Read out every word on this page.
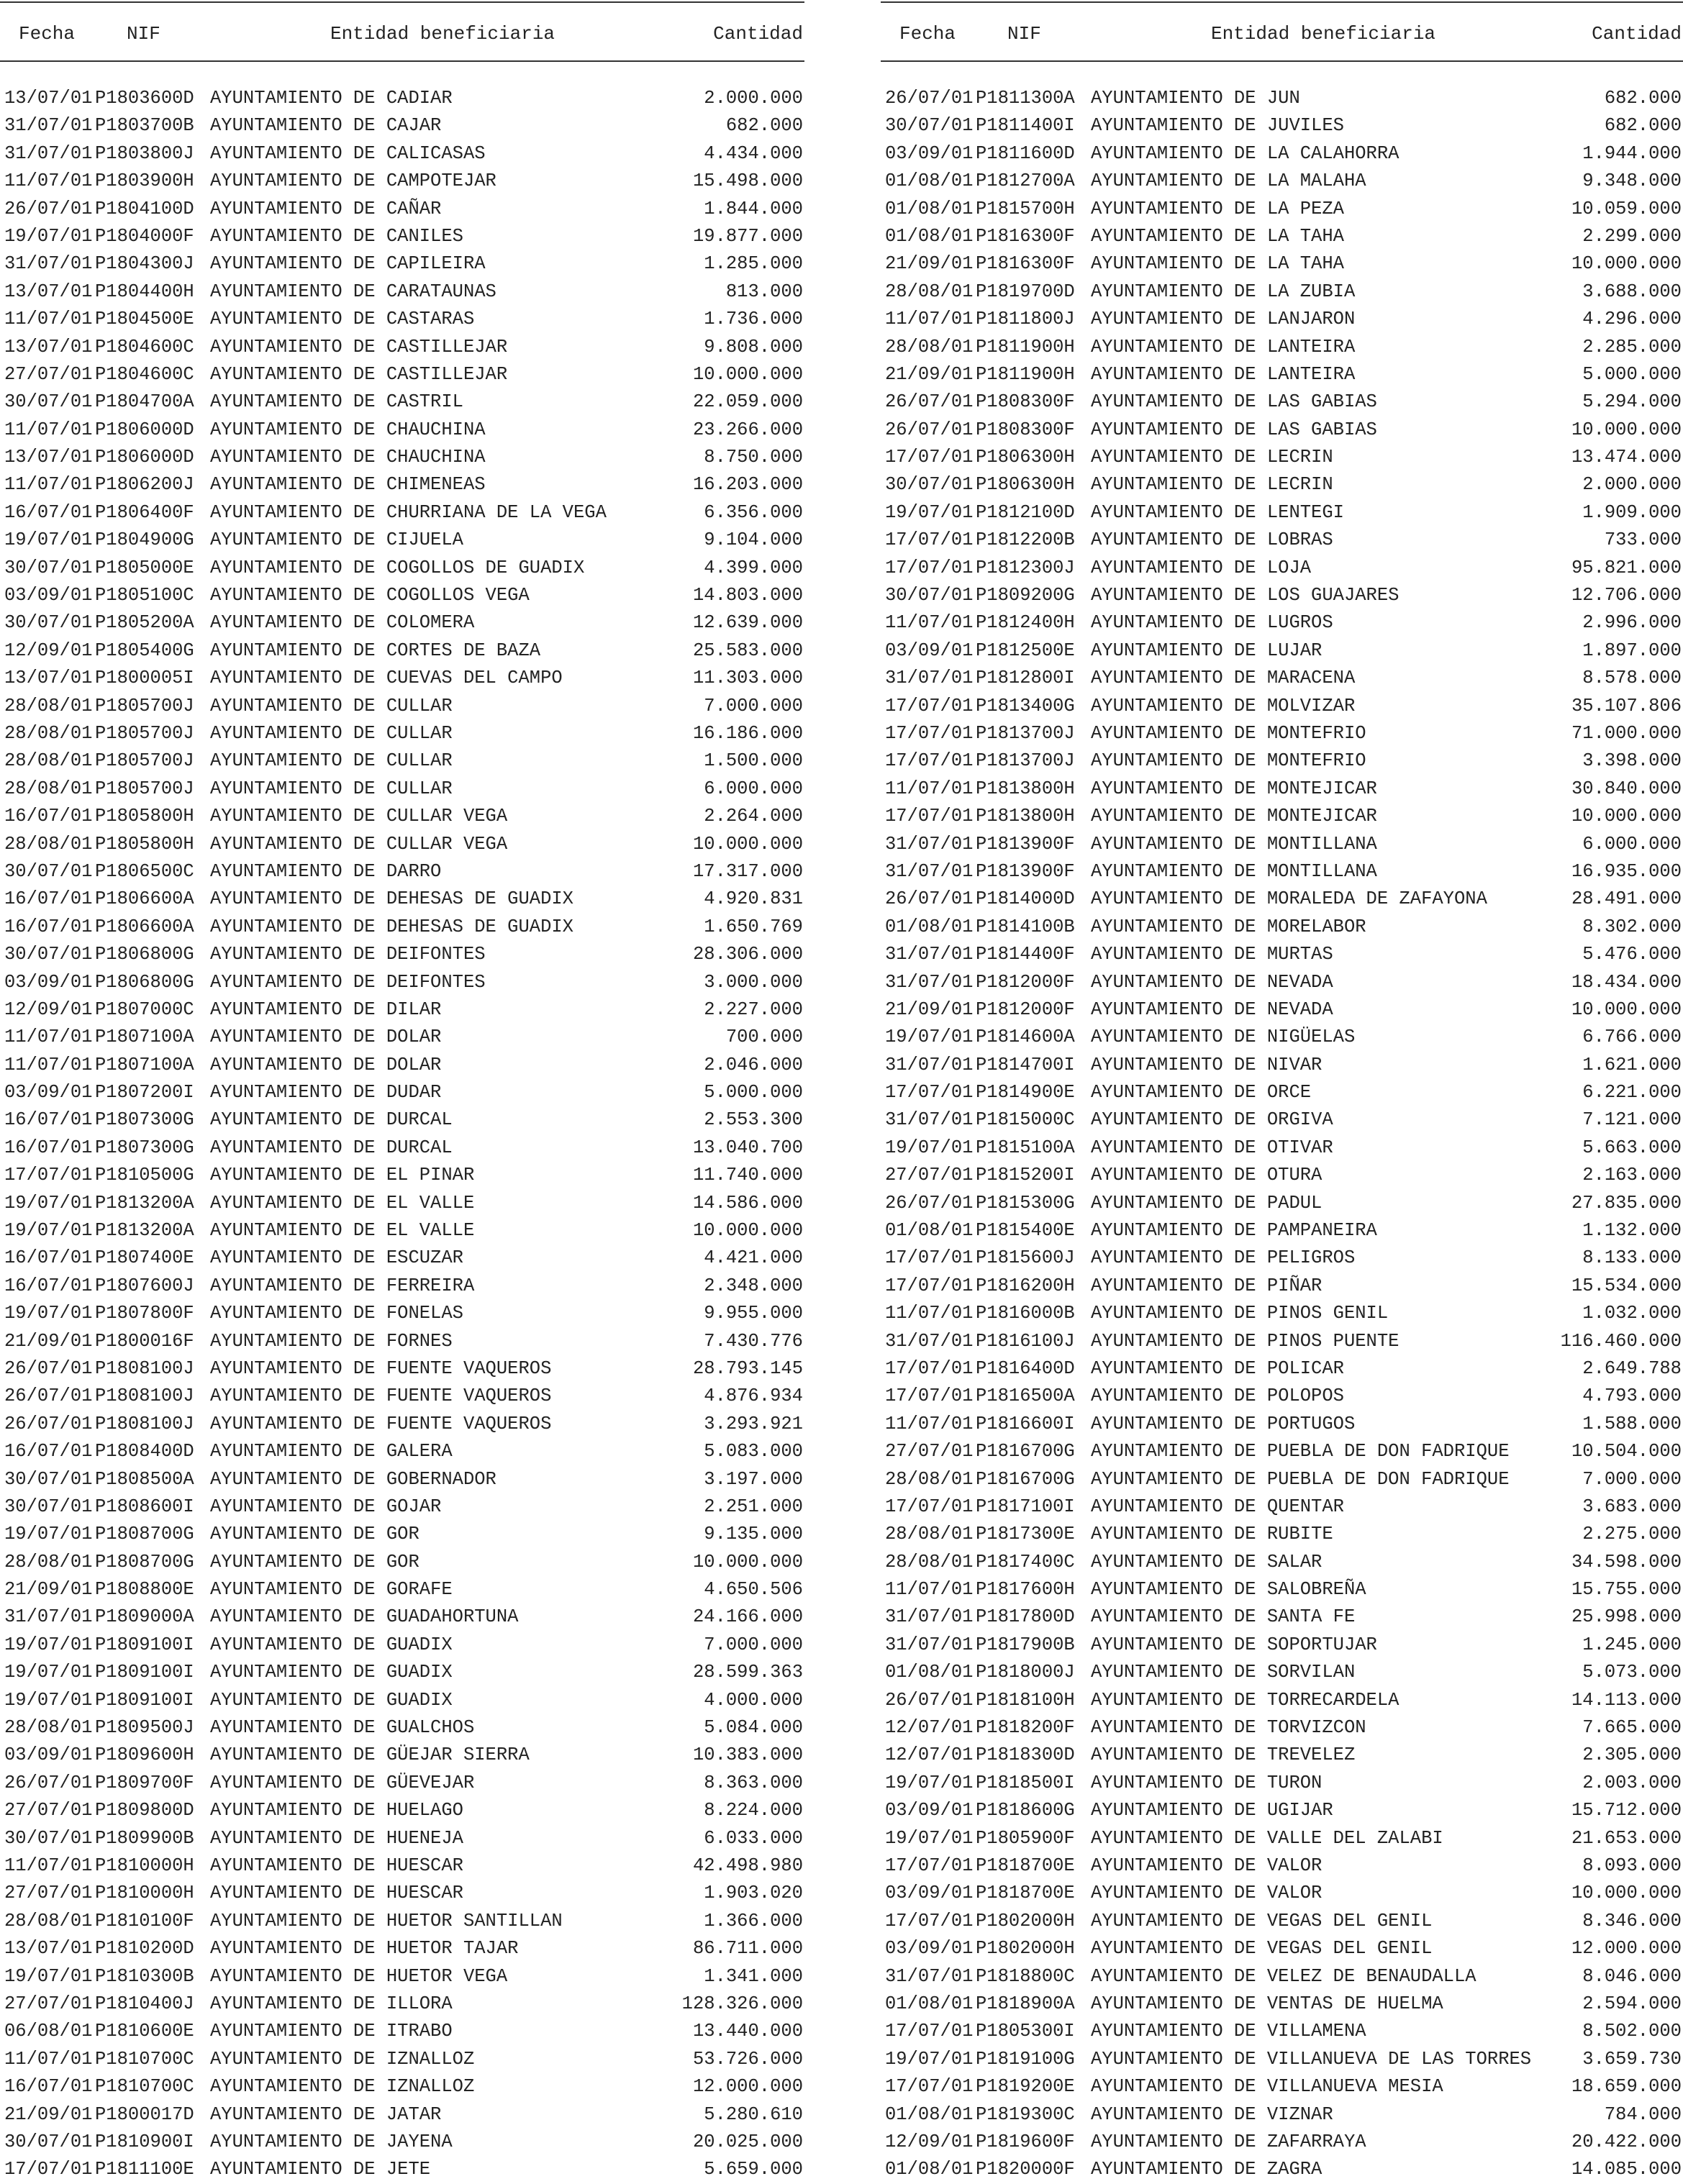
Fecha	NIF	Entidad beneficiaria	Cantidad
13/07/01 P1803600D AYUNTAMIENTO DE CADIAR	2.000.000
31/07/01 P1803700B AYUNTAMIENTO DE CAJAR	682.000
31/07/01 P1803800J AYUNTAMIENTO DE CALICASAS	4.434.000
11/07/01 P1803900H AYUNTAMIENTO DE CAMPOTEJAR	15.498.000
26/07/01 P1804100D AYUNTAMIENTO DE CAÑAR	1.844.000
19/07/01 P1804000F AYUNTAMIENTO DE CANILES	19.877.000
31/07/01 P1804300J AYUNTAMIENTO DE CAPILEIRA	1.285.000
13/07/01 P1804400H AYUNTAMIENTO DE CARATAUNAS	813.000
11/07/01 P1804500E AYUNTAMIENTO DE CASTARAS	1.736.000
13/07/01 P1804600C AYUNTAMIENTO DE CASTILLEJAR	9.808.000
27/07/01 P1804600C AYUNTAMIENTO DE CASTILLEJAR	10.000.000
30/07/01 P1804700A AYUNTAMIENTO DE CASTRIL	22.059.000
11/07/01 P1806000D AYUNTAMIENTO DE CHAUCHINA	23.266.000
13/07/01 P1806000D AYUNTAMIENTO DE CHAUCHINA	8.750.000
11/07/01 P1806200J AYUNTAMIENTO DE CHIMENEAS	16.203.000
16/07/01 P1806400F AYUNTAMIENTO DE CHURRIANA DE LA VEGA	6.356.000
19/07/01 P1804900G AYUNTAMIENTO DE CIJUELA	9.104.000
30/07/01 P1805000E AYUNTAMIENTO DE COGOLLOS DE GUADIX	4.399.000
03/09/01 P1805100C AYUNTAMIENTO DE COGOLLOS VEGA	14.803.000
30/07/01 P1805200A AYUNTAMIENTO DE COLOMERA	12.639.000
12/09/01 P1805400G AYUNTAMIENTO DE CORTES DE BAZA	25.583.000
13/07/01 P1800005I AYUNTAMIENTO DE CUEVAS DEL CAMPO	11.303.000
28/08/01 P1805700J AYUNTAMIENTO DE CULLAR	7.000.000
28/08/01 P1805700J AYUNTAMIENTO DE CULLAR	16.186.000
28/08/01 P1805700J AYUNTAMIENTO DE CULLAR	1.500.000
28/08/01 P1805700J AYUNTAMIENTO DE CULLAR	6.000.000
16/07/01 P1805800H AYUNTAMIENTO DE CULLAR VEGA	2.264.000
28/08/01 P1805800H AYUNTAMIENTO DE CULLAR VEGA	10.000.000
30/07/01 P1806500C AYUNTAMIENTO DE DARRO	17.317.000
16/07/01 P1806600A AYUNTAMIENTO DE DEHESAS DE GUADIX	4.920.831
16/07/01 P1806600A AYUNTAMIENTO DE DEHESAS DE GUADIX	1.650.769
30/07/01 P1806800G AYUNTAMIENTO DE DEIFONTES	28.306.000
03/09/01 P1806800G AYUNTAMIENTO DE DEIFONTES	3.000.000
12/09/01 P1807000C AYUNTAMIENTO DE DILAR	2.227.000
11/07/01 P1807100A AYUNTAMIENTO DE DOLAR	700.000
11/07/01 P1807100A AYUNTAMIENTO DE DOLAR	2.046.000
03/09/01 P1807200I AYUNTAMIENTO DE DUDAR	5.000.000
16/07/01 P1807300G AYUNTAMIENTO DE DURCAL	2.553.300
16/07/01 P1807300G AYUNTAMIENTO DE DURCAL	13.040.700
17/07/01 P1810500G AYUNTAMIENTO DE EL PINAR	11.740.000
19/07/01 P1813200A AYUNTAMIENTO DE EL VALLE	14.586.000
19/07/01 P1813200A AYUNTAMIENTO DE EL VALLE	10.000.000
16/07/01 P1807400E AYUNTAMIENTO DE ESCUZAR	4.421.000
16/07/01 P1807600J AYUNTAMIENTO DE FERREIRA	2.348.000
19/07/01 P1807800F AYUNTAMIENTO DE FONELAS	9.955.000
21/09/01 P1800016F AYUNTAMIENTO DE FORNES	7.430.776
26/07/01 P1808100J AYUNTAMIENTO DE FUENTE VAQUEROS	28.793.145
26/07/01 P1808100J AYUNTAMIENTO DE FUENTE VAQUEROS	4.876.934
26/07/01 P1808100J AYUNTAMIENTO DE FUENTE VAQUEROS	3.293.921
16/07/01 P1808400D AYUNTAMIENTO DE GALERA	5.083.000
30/07/01 P1808500A AYUNTAMIENTO DE GOBERNADOR	3.197.000
30/07/01 P1808600I AYUNTAMIENTO DE GOJAR	2.251.000
19/07/01 P1808700G AYUNTAMIENTO DE GOR	9.135.000
28/08/01 P1808700G AYUNTAMIENTO DE GOR	10.000.000
21/09/01 P1808800E AYUNTAMIENTO DE GORAFE	4.650.506
31/07/01 P1809000A AYUNTAMIENTO DE GUADAHORTUNA	24.166.000
19/07/01 P1809100I AYUNTAMIENTO DE GUADIX	7.000.000
19/07/01 P1809100I AYUNTAMIENTO DE GUADIX	28.599.363
19/07/01 P1809100I AYUNTAMIENTO DE GUADIX	4.000.000
28/08/01 P1809500J AYUNTAMIENTO DE GUALCHOS	5.084.000
03/09/01 P1809600H AYUNTAMIENTO DE GÜEJAR SIERRA	10.383.000
26/07/01 P1809700F AYUNTAMIENTO DE GÜEVEJAR	8.363.000
27/07/01 P1809800D AYUNTAMIENTO DE HUELAGO	8.224.000
30/07/01 P1809900B AYUNTAMIENTO DE HUENEJA	6.033.000
11/07/01 P1810000H AYUNTAMIENTO DE HUESCAR	42.498.980
27/07/01 P1810000H AYUNTAMIENTO DE HUESCAR	1.903.020
28/08/01 P1810100F AYUNTAMIENTO DE HUETOR SANTILLAN	1.366.000
13/07/01 P1810200D AYUNTAMIENTO DE HUETOR TAJAR	86.711.000
19/07/01 P1810300B AYUNTAMIENTO DE HUETOR VEGA	1.341.000
27/07/01 P1810400J AYUNTAMIENTO DE ILLORA	128.326.000
06/08/01 P1810600E AYUNTAMIENTO DE ITRABO	13.440.000
11/07/01 P1810700C AYUNTAMIENTO DE IZNALLOZ	53.726.000
16/07/01 P1810700C AYUNTAMIENTO DE IZNALLOZ	12.000.000
21/09/01 P1800017D AYUNTAMIENTO DE JATAR	5.280.610
30/07/01 P1810900I AYUNTAMIENTO DE JAYENA	20.025.000
17/07/01 P1811100E AYUNTAMIENTO DE JETE	5.659.000
Fecha	NIF	Entidad beneficiaria	Cantidad
26/07/01 P1811300A AYUNTAMIENTO DE JUN	682.000
30/07/01 P1811400I AYUNTAMIENTO DE JUVILES	682.000
03/09/01 P1811600D AYUNTAMIENTO DE LA CALAHORRA	1.944.000
01/08/01 P1812700A AYUNTAMIENTO DE LA MALAHA	9.348.000
01/08/01 P1815700H AYUNTAMIENTO DE LA PEZA	10.059.000
01/08/01 P1816300F AYUNTAMIENTO DE LA TAHA	2.299.000
21/09/01 P1816300F AYUNTAMIENTO DE LA TAHA	10.000.000
28/08/01 P1819700D AYUNTAMIENTO DE LA ZUBIA	3.688.000
11/07/01 P1811800J AYUNTAMIENTO DE LANJARON	4.296.000
28/08/01 P1811900H AYUNTAMIENTO DE LANTEIRA	2.285.000
21/09/01 P1811900H AYUNTAMIENTO DE LANTEIRA	5.000.000
26/07/01 P1808300F AYUNTAMIENTO DE LAS GABIAS	5.294.000
26/07/01 P1808300F AYUNTAMIENTO DE LAS GABIAS	10.000.000
17/07/01 P1806300H AYUNTAMIENTO DE LECRIN	13.474.000
30/07/01 P1806300H AYUNTAMIENTO DE LECRIN	2.000.000
19/07/01 P1812100D AYUNTAMIENTO DE LENTEGI	1.909.000
17/07/01 P1812200B AYUNTAMIENTO DE LOBRAS	733.000
17/07/01 P1812300J AYUNTAMIENTO DE LOJA	95.821.000
30/07/01 P1809200G AYUNTAMIENTO DE LOS GUAJARES	12.706.000
11/07/01 P1812400H AYUNTAMIENTO DE LUGROS	2.996.000
03/09/01 P1812500E AYUNTAMIENTO DE LUJAR	1.897.000
31/07/01 P1812800I AYUNTAMIENTO DE MARACENA	8.578.000
17/07/01 P1813400G AYUNTAMIENTO DE MOLVIZAR	35.107.806
17/07/01 P1813700J AYUNTAMIENTO DE MONTEFRIO	71.000.000
17/07/01 P1813700J AYUNTAMIENTO DE MONTEFRIO	3.398.000
11/07/01 P1813800H AYUNTAMIENTO DE MONTEJICAR	30.840.000
17/07/01 P1813800H AYUNTAMIENTO DE MONTEJICAR	10.000.000
31/07/01 P1813900F AYUNTAMIENTO DE MONTILLANA	6.000.000
31/07/01 P1813900F AYUNTAMIENTO DE MONTILLANA	16.935.000
26/07/01 P1814000D AYUNTAMIENTO DE MORALEDA DE ZAFAYONA	28.491.000
01/08/01 P1814100B AYUNTAMIENTO DE MORELABOR	8.302.000
31/07/01 P1814400F AYUNTAMIENTO DE MURTAS	5.476.000
31/07/01 P1812000F AYUNTAMIENTO DE NEVADA	18.434.000
21/09/01 P1812000F AYUNTAMIENTO DE NEVADA	10.000.000
19/07/01 P1814600A AYUNTAMIENTO DE NIGÜELAS	6.766.000
31/07/01 P1814700I AYUNTAMIENTO DE NIVAR	1.621.000
17/07/01 P1814900E AYUNTAMIENTO DE ORCE	6.221.000
31/07/01 P1815000C AYUNTAMIENTO DE ORGIVA	7.121.000
19/07/01 P1815100A AYUNTAMIENTO DE OTIVAR	5.663.000
27/07/01 P1815200I AYUNTAMIENTO DE OTURA	2.163.000
26/07/01 P1815300G AYUNTAMIENTO DE PADUL	27.835.000
01/08/01 P1815400E AYUNTAMIENTO DE PAMPANEIRA	1.132.000
17/07/01 P1815600J AYUNTAMIENTO DE PELIGROS	8.133.000
17/07/01 P1816200H AYUNTAMIENTO DE PIÑAR	15.534.000
11/07/01 P1816000B AYUNTAMIENTO DE PINOS GENIL	1.032.000
31/07/01 P1816100J AYUNTAMIENTO DE PINOS PUENTE	116.460.000
17/07/01 P1816400D AYUNTAMIENTO DE POLICAR	2.649.788
17/07/01 P1816500A AYUNTAMIENTO DE POLOPOS	4.793.000
11/07/01 P1816600I AYUNTAMIENTO DE PORTUGOS	1.588.000
27/07/01 P1816700G AYUNTAMIENTO DE PUEBLA DE DON FADRIQUE	10.504.000
28/08/01 P1816700G AYUNTAMIENTO DE PUEBLA DE DON FADRIQUE	7.000.000
17/07/01 P1817100I AYUNTAMIENTO DE QUENTAR	3.683.000
28/08/01 P1817300E AYUNTAMIENTO DE RUBITE	2.275.000
28/08/01 P1817400C AYUNTAMIENTO DE SALAR	34.598.000
11/07/01 P1817600H AYUNTAMIENTO DE SALOBREÑA	15.755.000
31/07/01 P1817800D AYUNTAMIENTO DE SANTA FE	25.998.000
31/07/01 P1817900B AYUNTAMIENTO DE SOPORTUJAR	1.245.000
01/08/01 P1818000J AYUNTAMIENTO DE SORVILAN	5.073.000
26/07/01 P1818100H AYUNTAMIENTO DE TORRECARDELA	14.113.000
12/07/01 P1818200F AYUNTAMIENTO DE TORVIZCON	7.665.000
12/07/01 P1818300D AYUNTAMIENTO DE TREVELEZ	2.305.000
19/07/01 P1818500I AYUNTAMIENTO DE TURON	2.003.000
03/09/01 P1818600G AYUNTAMIENTO DE UGIJAR	15.712.000
19/07/01 P1805900F AYUNTAMIENTO DE VALLE DEL ZALABI	21.653.000
17/07/01 P1818700E AYUNTAMIENTO DE VALOR	8.093.000
03/09/01 P1818700E AYUNTAMIENTO DE VALOR	10.000.000
17/07/01 P1802000H AYUNTAMIENTO DE VEGAS DEL GENIL	8.346.000
03/09/01 P1802000H AYUNTAMIENTO DE VEGAS DEL GENIL	12.000.000
31/07/01 P1818800C AYUNTAMIENTO DE VELEZ DE BENAUDALLA	8.046.000
01/08/01 P1818900A AYUNTAMIENTO DE VENTAS DE HUELMA	2.594.000
17/07/01 P1805300I AYUNTAMIENTO DE VILLAMENA	8.502.000
19/07/01 P1819100G AYUNTAMIENTO DE VILLANUEVA DE LAS TORRES	3.659.730
17/07/01 P1819200E AYUNTAMIENTO DE VILLANUEVA MESIA	18.659.000
01/08/01 P1819300C AYUNTAMIENTO DE VIZNAR	784.000
12/09/01 P1819600F AYUNTAMIENTO DE ZAFARRAYA	20.422.000
01/08/01 P1820000F AYUNTAMIENTO DE ZAGRA	14.085.000
